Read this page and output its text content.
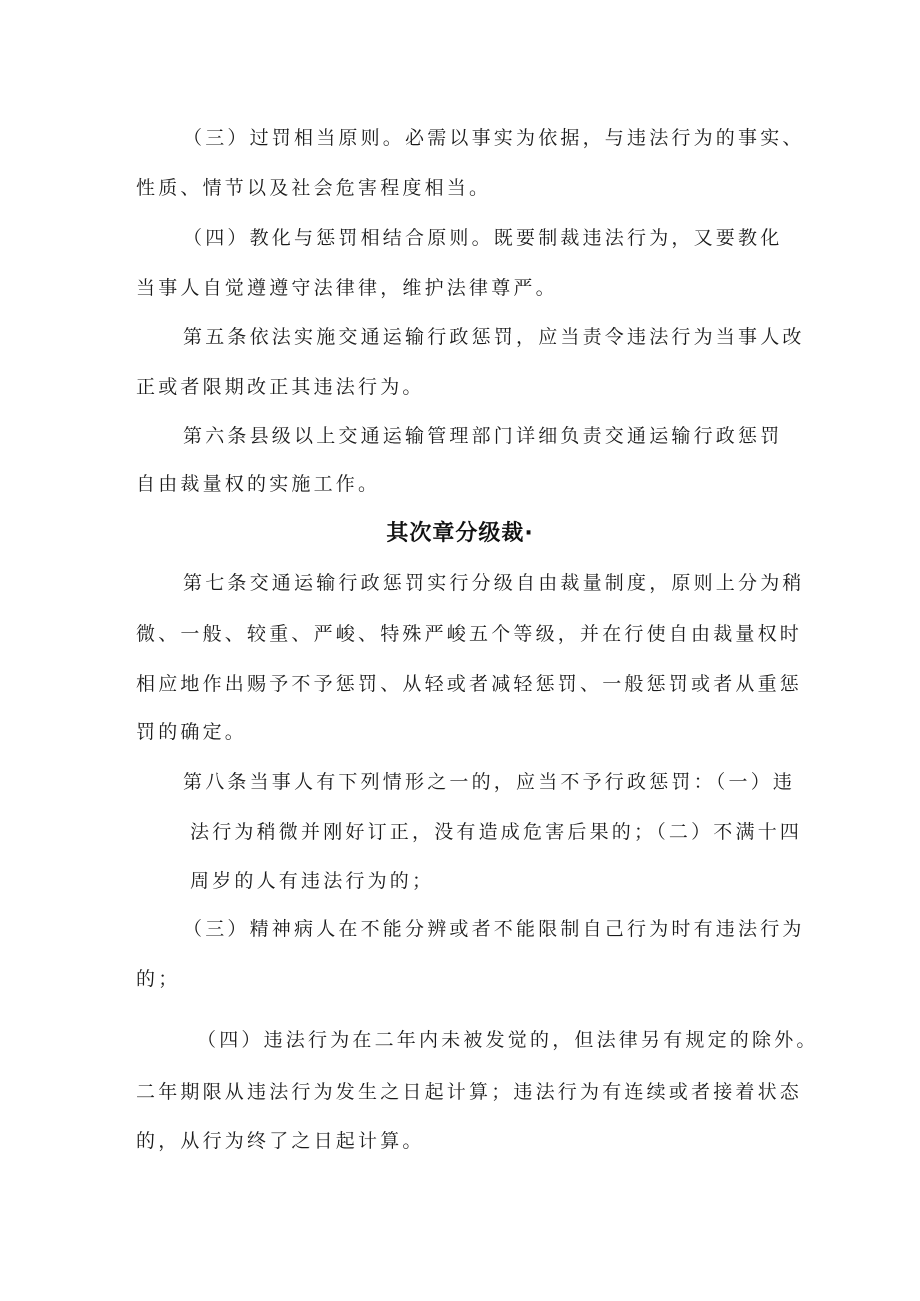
（三）过罚相当原则。必需以事实为依据，与违法行为的事实、
性质、情节以及社会危害程度相当。
（四）教化与惩罚相结合原则。既要制裁违法行为，又要教化
当事人自觉遵遵守法律律，维护法律尊严。
第五条依法实施交通运输行政惩罚，应当责令违法行为当事人改
正或者限期改正其违法行为。
第六条县级以上交通运输管理部门详细负责交通运输行政惩罚
自由裁量权的实施工作。
其次章分级裁·
第七条交通运输行政惩罚实行分级自由裁量制度，原则上分为稍
微、一般、较重、严峻、特殊严峻五个等级，并在行使自由裁量权时
相应地作出赐予不予惩罚、从轻或者减轻惩罚、一般惩罚或者从重惩
罚的确定。
第八条当事人有下列情形之一的，应当不予行政惩罚：（一）违
法行为稍微并刚好订正，没有造成危害后果的；（二）不满十四
周岁的人有违法行为的；
（三）精神病人在不能分辨或者不能限制自己行为时有违法行为
的；
（四）违法行为在二年内未被发觉的，但法律另有规定的除外。
二年期限从违法行为发生之日起计算；违法行为有连续或者接着状态
的，从行为终了之日起计算。
